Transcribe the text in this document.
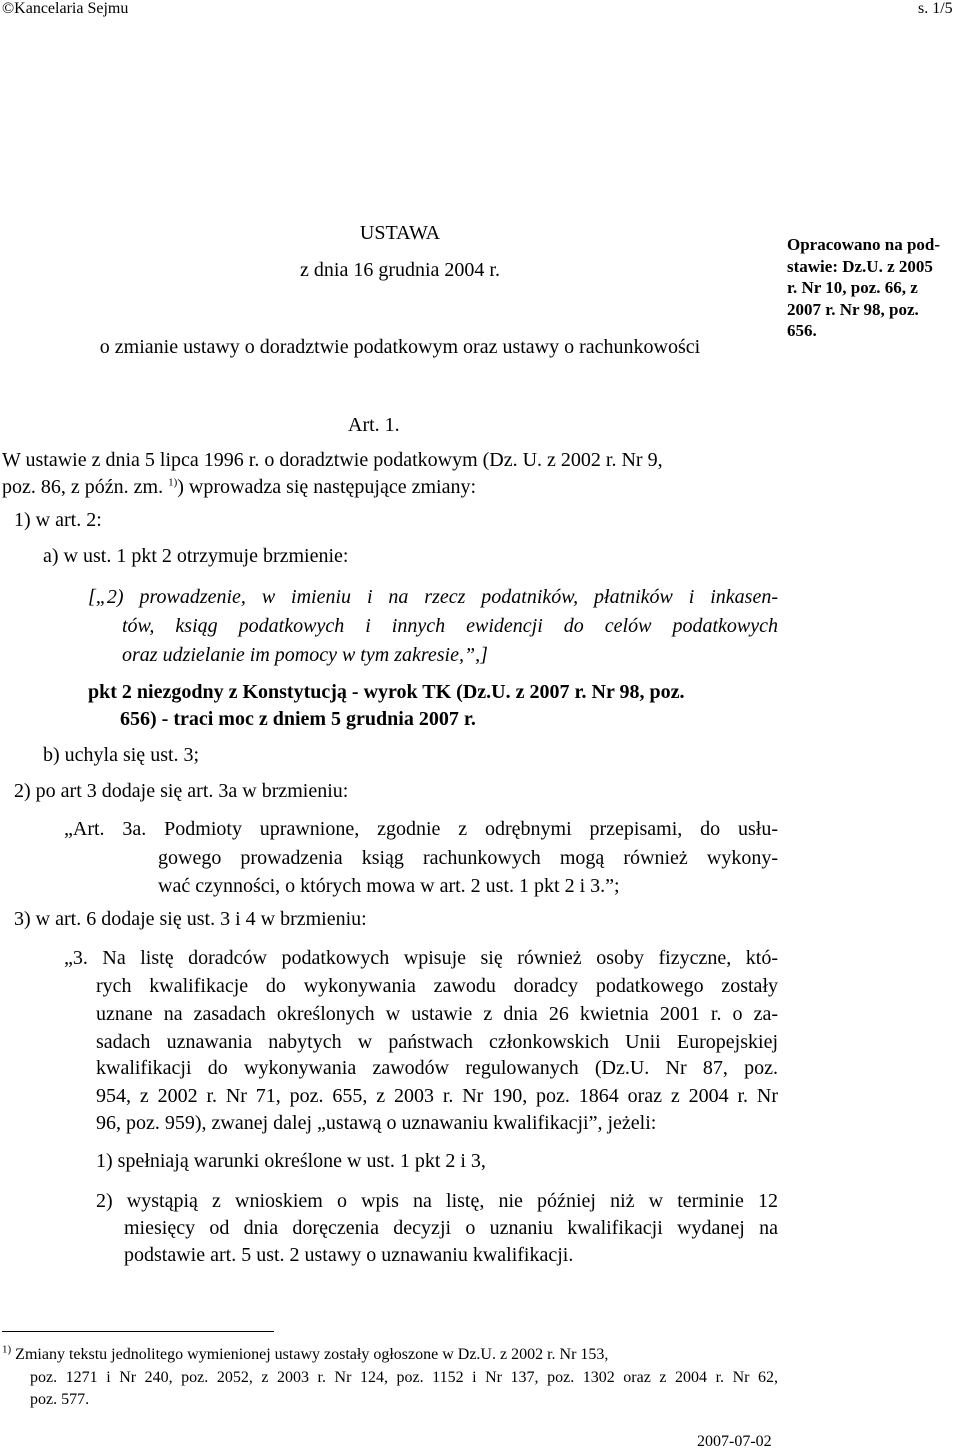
©Kancelaria Sejmu	s. 1/5
USTAWA
z dnia 16 grudnia 2004 r.
o zmianie ustawy o doradztwie podatkowym oraz ustawy o rachunkowości
Opracowano na pod-
stawie: Dz.U. z 2005
r. Nr 10, poz. 66, z
2007 r. Nr 98, poz.
656.
Art. 1.
W ustawie z dnia 5 lipca 1996 r. o doradztwie podatkowym (Dz. U. z 2002 r. Nr 9,
poz. 86, z późn. zm. $^{1)}$) wprowadza się następujące zmiany:
1) w art. 2:
a) w ust. 1 pkt 2 otrzymuje brzmienie:
[„2) prowadzenie, w imieniu i na rzecz podatników, płatników i inkasen-
tów, ksiąg podatkowych i innych ewidencji do celów podatkowych
oraz udzielanie im pomocy w tym zakresie,”,]
pkt 2 niezgodny z Konstytucją - wyrok TK (Dz.U. z 2007 r. Nr 98, poz.
656) - traci moc z dniem 5 grudnia 2007 r.
b) uchyla się ust. 3;
2) po art 3 dodaje się art. 3a w brzmieniu:
„Art. 3a. Podmioty uprawnione, zgodnie z odrębnymi przepisami, do usłu-
gowego prowadzenia ksiąg rachunkowych mogą również wykony-
wać czynności, o których mowa w art. 2 ust. 1 pkt 2 i 3.”;
3) w art. 6 dodaje się ust. 3 i 4 w brzmieniu:
„3. Na listę doradców podatkowych wpisuje się również osoby fizyczne, któ-
rych kwalifikacje do wykonywania zawodu doradcy podatkowego zostały
uznane na zasadach określonych w ustawie z dnia 26 kwietnia 2001 r. o za-
sadach uznawania nabytych w państwach członkowskich Unii Europejskiej
kwalifikacji do wykonywania zawodów regulowanych (Dz.U. Nr 87, poz.
954, z 2002 r. Nr 71, poz. 655, z 2003 r. Nr 190, poz. 1864 oraz z 2004 r. Nr
96, poz. 959), zwanej dalej „ustawą o uznawaniu kwalifikacji”, jeżeli:
1) spełniają warunki określone w ust. 1 pkt 2 i 3,
2) wystąpią z wnioskiem o wpis na listę, nie później niż w terminie 12
miesięcy od dnia doręczenia decyzji o uznaniu kwalifikacji wydanej na
podstawie art. 5 ust. 2 ustawy o uznawaniu kwalifikacji.
$^{1)}$ Zmiany tekstu jednolitego wymienionej ustawy zostały ogłoszone w Dz.U. z 2002 r. Nr 153,
poz. 1271 i Nr 240, poz. 2052, z 2003 r. Nr 124, poz. 1152 i Nr 137, poz. 1302 oraz z 2004 r. Nr 62,
poz. 577.
2007-07-02
